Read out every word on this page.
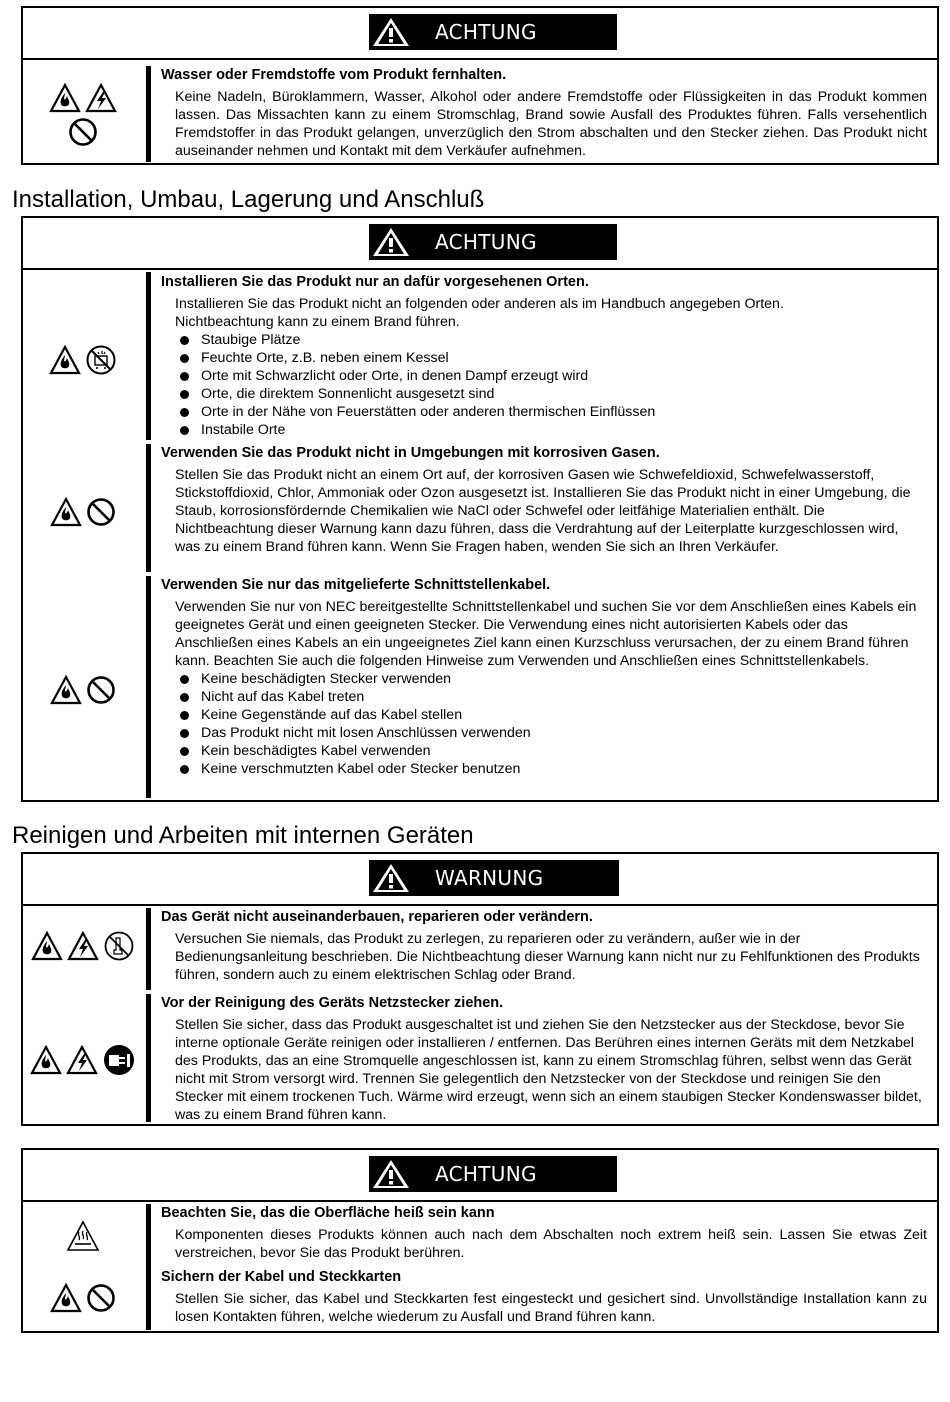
ACHTUNG
Wasser oder Fremdstoffe vom Produkt fernhalten.
Keine Nadeln, Büroklammern, Wasser, Alkohol oder andere Fremdstoffe oder Flüssigkeiten in das Produkt kommen lassen. Das Missachten kann zu einem Stromschlag, Brand sowie Ausfall des Produktes führen. Falls versehentlich Fremdstoffer in das Produkt gelangen, unverzüglich den Strom abschalten und den Stecker ziehen. Das Produkt nicht auseinander nehmen und Kontakt mit dem Verkäufer aufnehmen.
Installation, Umbau, Lagerung und Anschluß
ACHTUNG
Installieren Sie das Produkt nur an dafür vorgesehenen Orten.

Installieren Sie das Produkt nicht an folgenden oder anderen als im Handbuch angegeben Orten. Nichtbeachtung kann zu einem Brand führen.

Staubige Plätze
Feuchte Orte, z.B. neben einem Kessel
Orte mit Schwarzlicht oder Orte, in denen Dampf erzeugt wird
Orte, die direktem Sonnenlicht ausgesetzt sind
Orte in der Nähe von Feuerstätten oder anderen thermischen Einflüssen
Instabile Orte
Verwenden Sie das Produkt nicht in Umgebungen mit korrosiven Gasen.
Stellen Sie das Produkt nicht an einem Ort auf, der korrosiven Gasen wie Schwefeldioxid, Schwefelwasserstoff, Stickstoffdioxid, Chlor, Ammoniak oder Ozon ausgesetzt ist. Installieren Sie das Produkt nicht in einer Umgebung, die Staub, korrosionsfördernde Chemikalien wie NaCl oder Schwefel oder leitfähige Materialien enthält. Die Nichtbeachtung dieser Warnung kann dazu führen, dass die Verdrahtung auf der Leiterplatte kurzgeschlossen wird, was zu einem Brand führen kann. Wenn Sie Fragen haben, wenden Sie sich an Ihren Verkäufer.
Verwenden Sie nur das mitgelieferte Schnittstellenkabel.

Verwenden Sie nur von NEC bereitgestellte Schnittstellenkabel und suchen Sie vor dem Anschließen eines Kabels ein geeignetes Gerät und einen geeigneten Stecker. Die Verwendung eines nicht autorisierten Kabels oder das Anschließen eines Kabels an ein ungeeignetes Ziel kann einen Kurzschluss verursachen, der zu einem Brand führen kann. Beachten Sie auch die folgenden Hinweise zum Verwenden und Anschließen eines Schnittstellenkabels.

Keine beschädigten Stecker verwenden
Nicht auf das Kabel treten
Keine Gegenstände auf das Kabel stellen
Das Produkt nicht mit losen Anschlüssen verwenden
Kein beschädigtes Kabel verwenden
Keine verschmutzten Kabel oder Stecker benutzen
Reinigen und Arbeiten mit internen Geräten
WARNUNG
Das Gerät nicht auseinanderbauen, reparieren oder verändern.
Versuchen Sie niemals, das Produkt zu zerlegen, zu reparieren oder zu verändern, außer wie in der Bedienungsanleitung beschrieben. Die Nichtbeachtung dieser Warnung kann nicht nur zu Fehlfunktionen des Produkts führen, sondern auch zu einem elektrischen Schlag oder Brand.
Vor der Reinigung des Geräts Netzstecker ziehen.
Stellen Sie sicher, dass das Produkt ausgeschaltet ist und ziehen Sie den Netzstecker aus der Steckdose, bevor Sie interne optionale Geräte reinigen oder installieren / entfernen. Das Berühren eines internen Geräts mit dem Netzkabel des Produkts, das an eine Stromquelle angeschlossen ist, kann zu einem Stromschlag führen, selbst wenn das Gerät nicht mit Strom versorgt wird. Trennen Sie gelegentlich den Netzstecker von der Steckdose und reinigen Sie den Stecker mit einem trockenen Tuch. Wärme wird erzeugt, wenn sich an einem staubigen Stecker Kondenswasser bildet, was zu einem Brand führen kann.
ACHTUNG
Beachten Sie, das die Oberfläche heiß sein kann
Komponenten dieses Produkts können auch nach dem Abschalten noch extrem heiß sein. Lassen Sie etwas Zeit verstreichen, bevor Sie das Produkt berühren.
Sichern der Kabel und Steckkarten
Stellen Sie sicher, das Kabel und Steckkarten fest eingesteckt und gesichert sind. Unvollständige Installation kann zu losen Kontakten führen, welche wiederum zu Ausfall und Brand führen kann.
